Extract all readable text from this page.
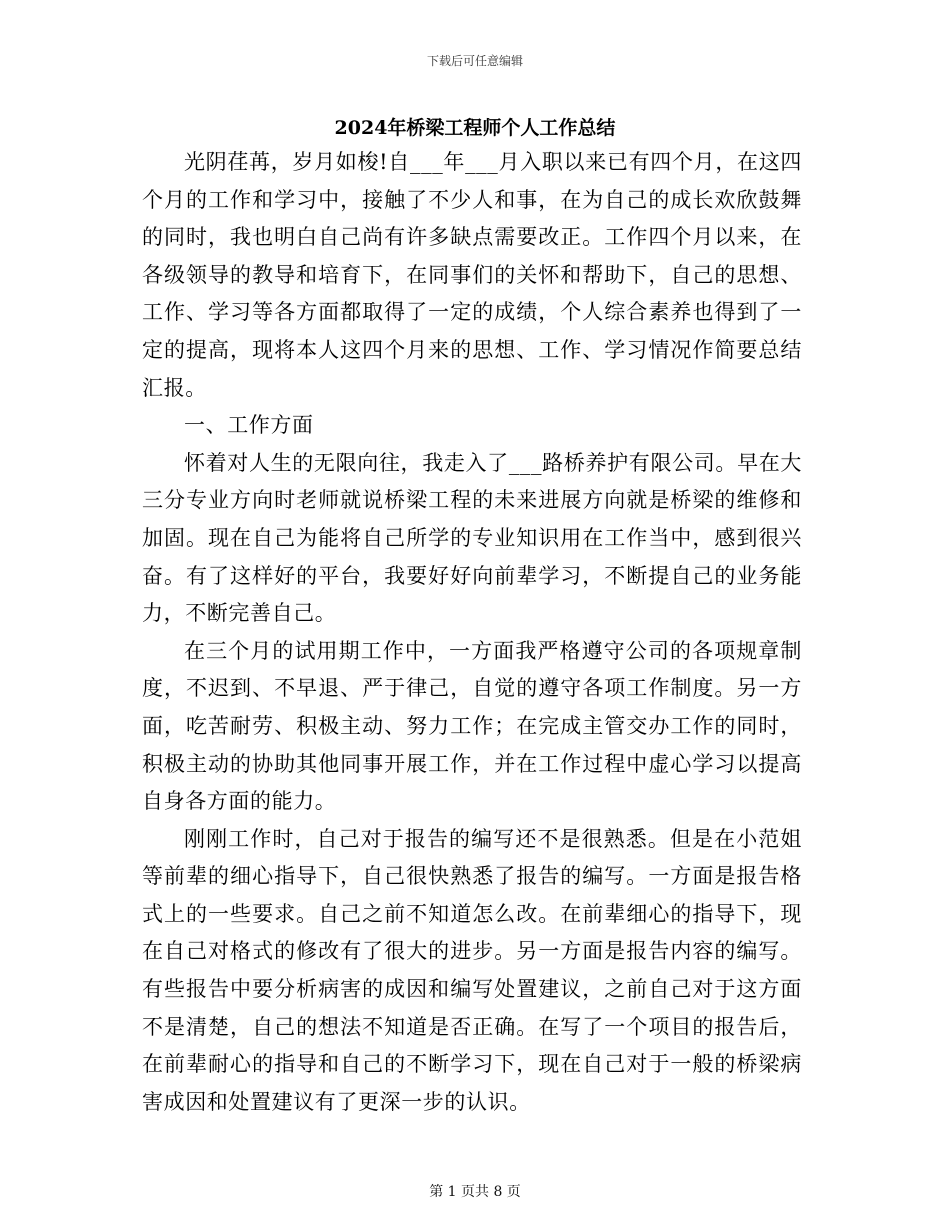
下载后可任意编辑
2024年桥梁工程师个人工作总结

光阴荏苒，岁月如梭!自___年___月入职以来已有四个月，在这四个月的工作和学习中，接触了不少人和事，在为自己的成长欢欣鼓舞的同时，我也明白自己尚有许多缺点需要改正。工作四个月以来，在各级领导的教导和培育下，在同事们的关怀和帮助下，自己的思想、工作、学习等各方面都取得了一定的成绩，个人综合素养也得到了一定的提高，现将本人这四个月来的思想、工作、学习情况作简要总结汇报。

一、工作方面

怀着对人生的无限向往，我走入了___路桥养护有限公司。早在大三分专业方向时老师就说桥梁工程的未来进展方向就是桥梁的维修和加固。现在自己为能将自己所学的专业知识用在工作当中，感到很兴奋。有了这样好的平台，我要好好向前辈学习，不断提自己的业务能力，不断完善自己。

在三个月的试用期工作中，一方面我严格遵守公司的各项规章制度，不迟到、不早退、严于律己，自觉的遵守各项工作制度。另一方面，吃苦耐劳、积极主动、努力工作；在完成主管交办工作的同时，积极主动的协助其他同事开展工作，并在工作过程中虚心学习以提高自身各方面的能力。

刚刚工作时，自己对于报告的编写还不是很熟悉。但是在小范姐等前辈的细心指导下，自己很快熟悉了报告的编写。一方面是报告格式上的一些要求。自己之前不知道怎么改。在前辈细心的指导下，现在自己对格式的修改有了很大的进步。另一方面是报告内容的编写。有些报告中要分析病害的成因和编写处置建议，之前自己对于这方面不是清楚，自己的想法不知道是否正确。在写了一个项目的报告后，在前辈耐心的指导和自己的不断学习下，现在自己对于一般的桥梁病害成因和处置建议有了更深一步的认识。

第 1 页共 8 页
